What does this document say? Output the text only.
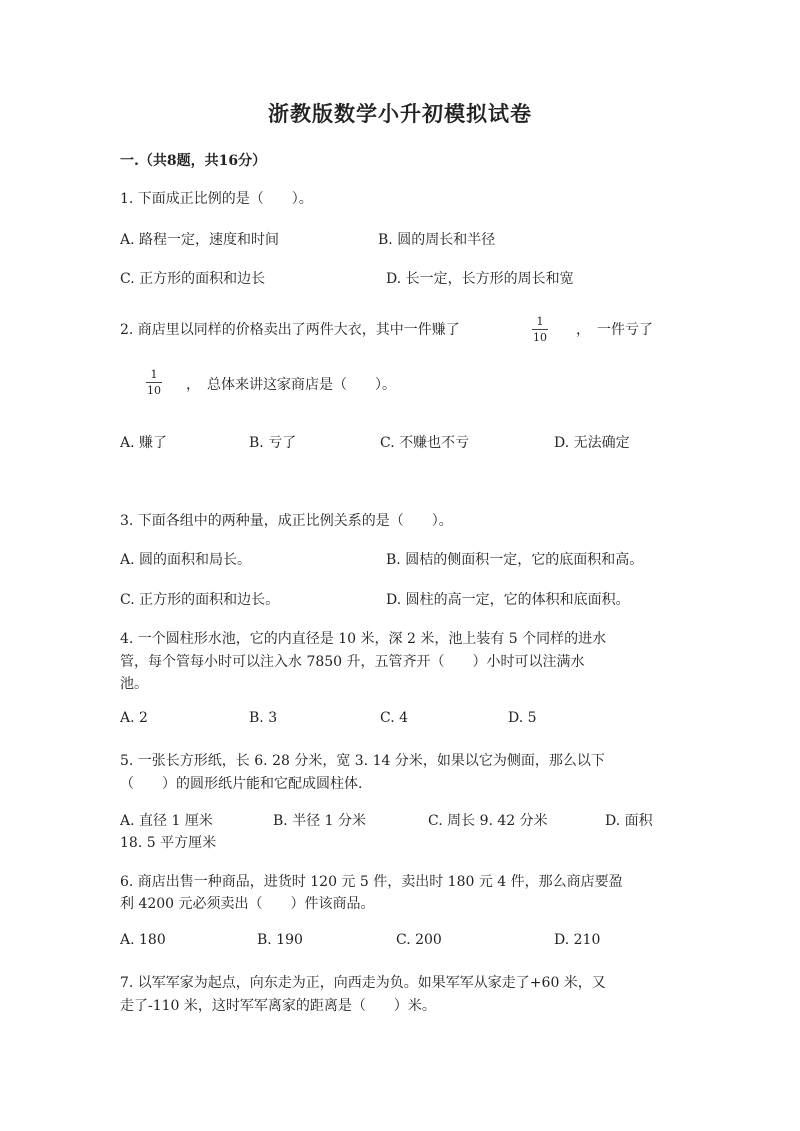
浙教版数学小升初模拟试卷
一.（共8题，共16分）
1. 下面成正比例的是（　　）。
A. 路程一定，速度和时间	B. 圆的周长和半径
C. 正方形的面积和边长	D. 长一定，长方形的周长和宽
2. 商店里以同样的价格卖出了两件大衣，其中一件赚了
1
10 ，　一件亏了
1
10 ，　总体来讲这家商店是（　　）。
A. 赚了	B. 亏了	C. 不赚也不亏	D. 无法确定
3. 下面各组中的两种量，成正比例关系的是（　　）。
A. 圆的面积和局长。	B. 圆桔的侧面积一定，它的底面积和高。
C. 正方形的面积和边长。	D. 圆柱的高一定，它的体积和底面积。
4. 一个圆柱形水池，它的内直径是 10 米，深 2 米，池上装有 5 个同样的进水
管，每个管每小时可以注入水 7850 升，五管齐开（　　）小时可以注满水
池。
A. 2	B. 3	C. 4	D. 5
5. 一张长方形纸，长 6. 28 分米，宽 3. 14 分米，如果以它为侧面，那么以下
（　　）的圆形纸片能和它配成圆柱体.
A. 直径 1 厘米	B. 半径 1 分米	C. 周长 9. 42 分米	D. 面积
18. 5 平方厘米
6. 商店出售一种商品，进货时 120 元 5 件，卖出时 180 元 4 件，那么商店要盈
利 4200 元必须卖出（　　）件该商品。
A. 180	B. 190	C. 200	D. 210
7. 以军军家为起点，向东走为正，向西走为负。如果军军从家走了+60 米，又
走了-110 米，这时军军离家的距离是（　　）米。
